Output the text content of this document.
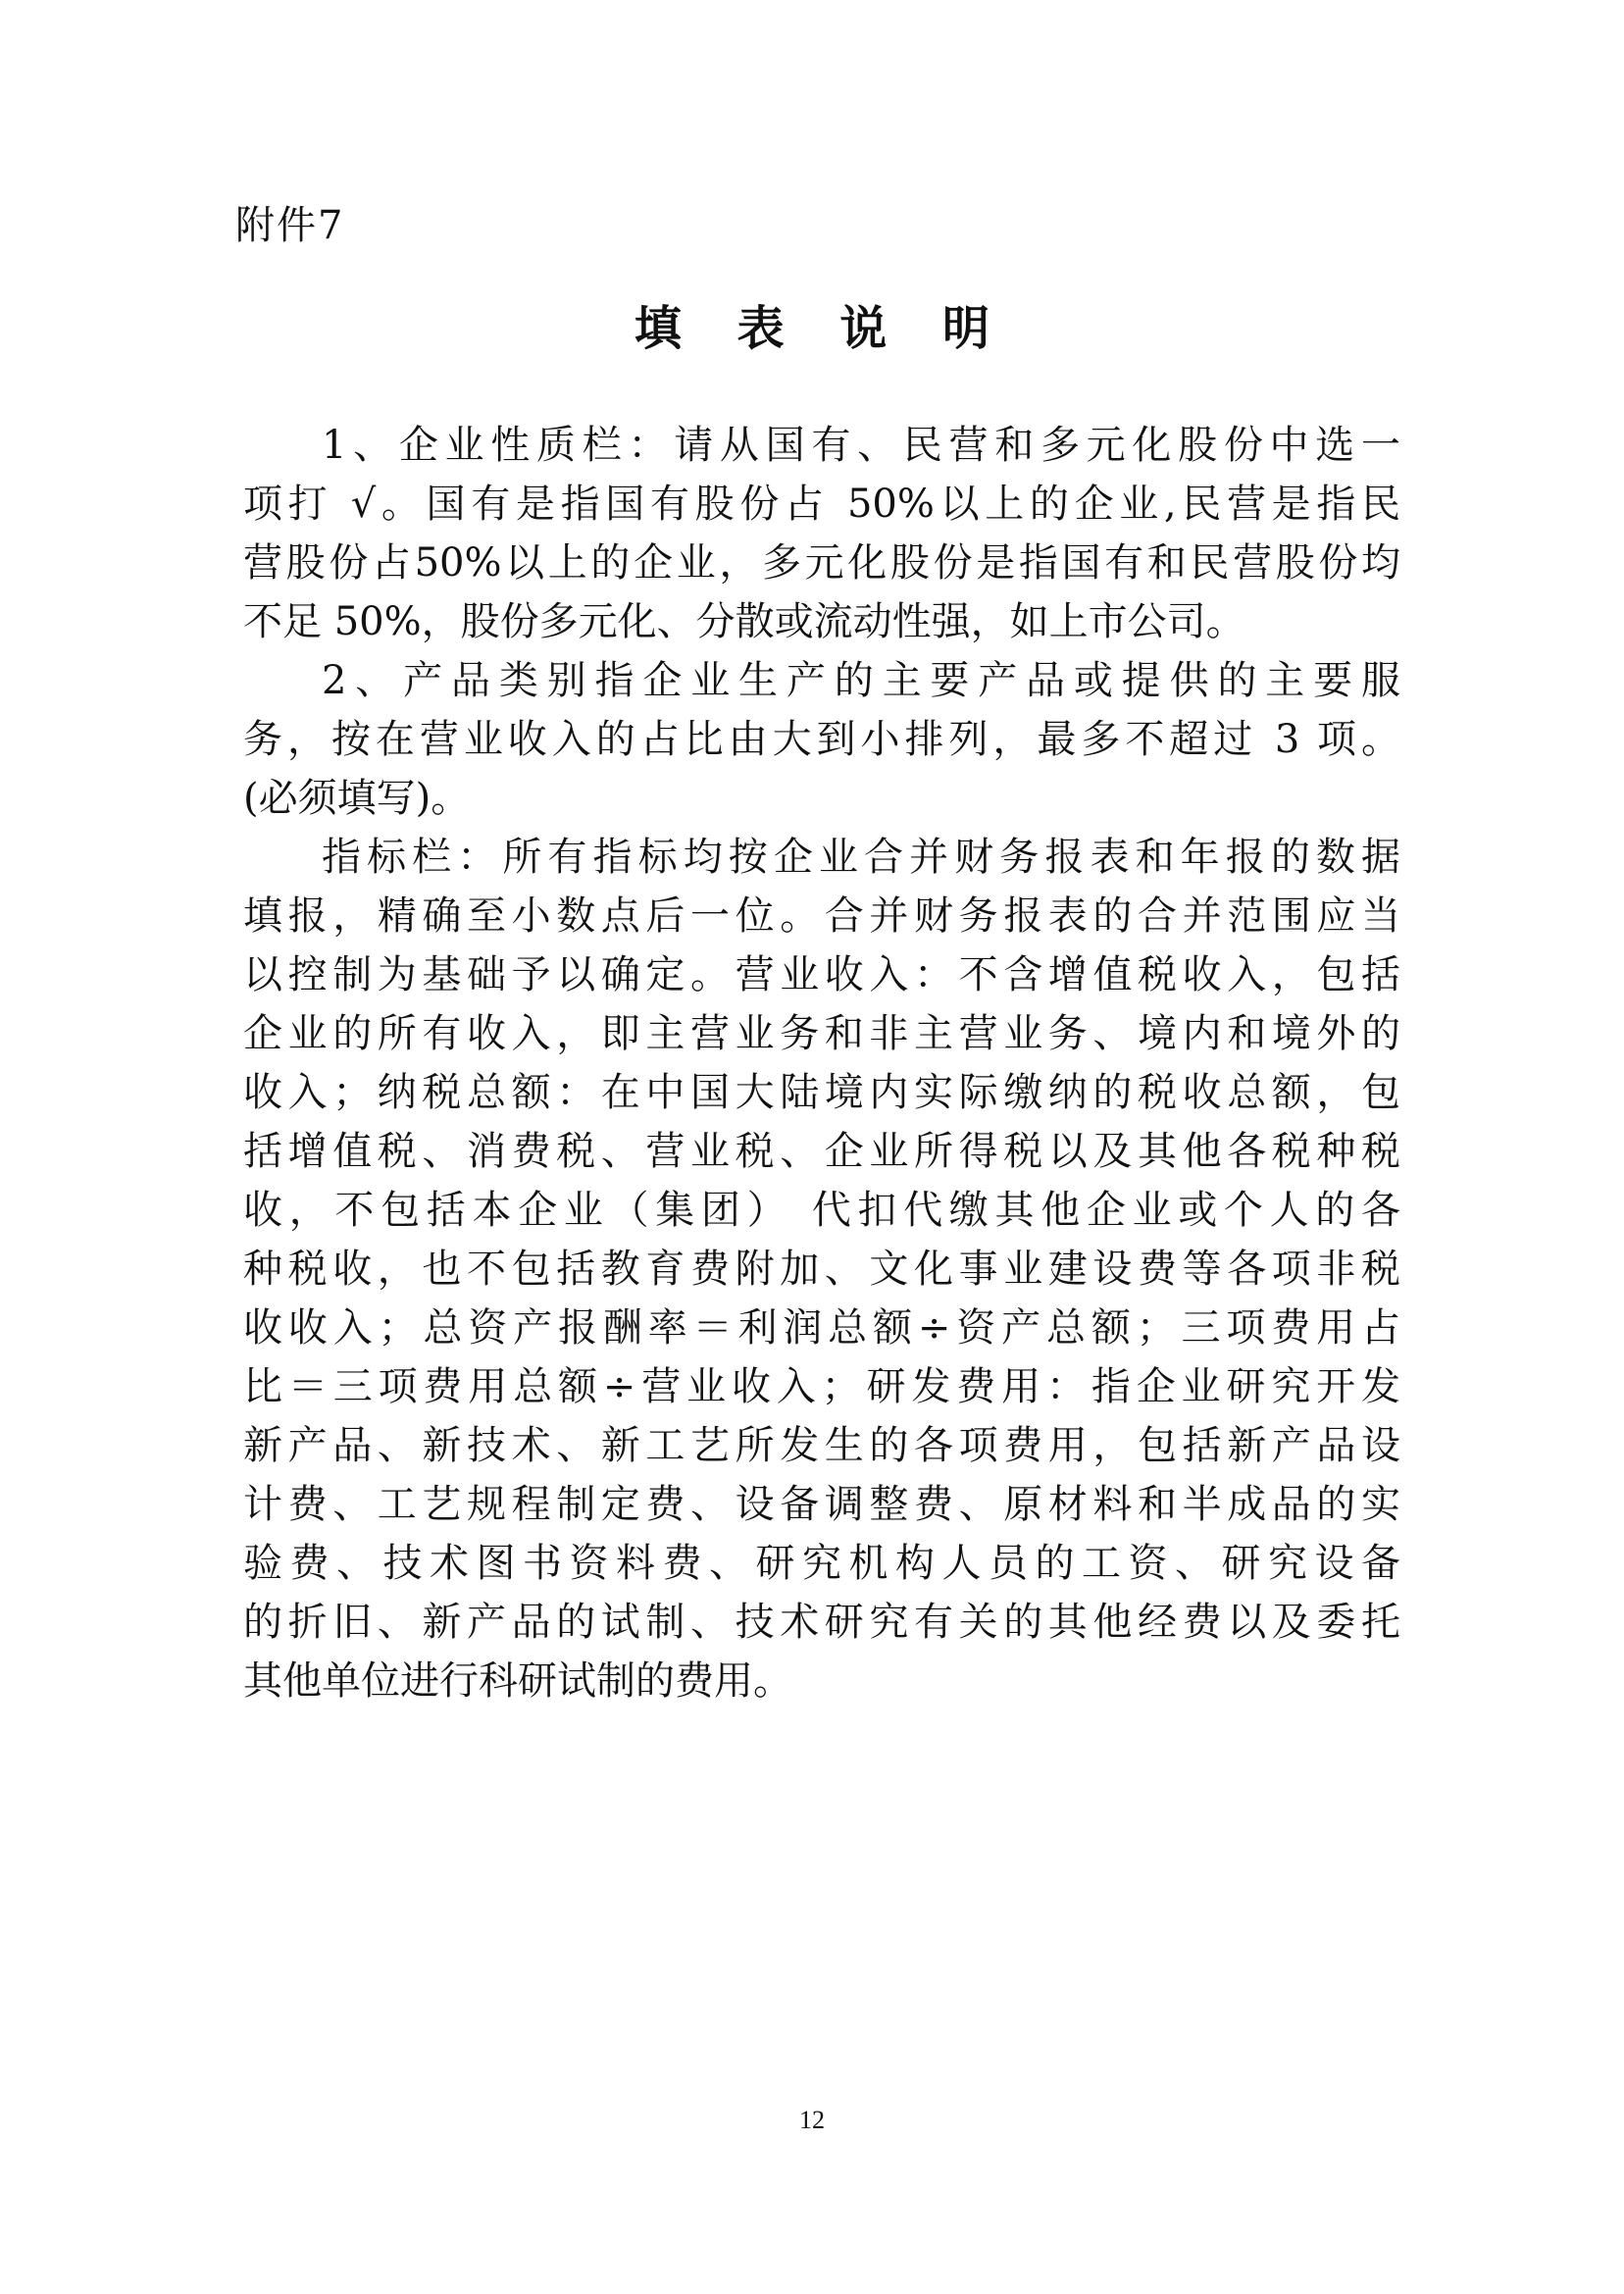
附件7
填 表 说 明
1、企业性质栏：请从国有、民营和多元化股份中选一
项打 √。国有是指国有股份占 50%以上的企业,民营是指民
营股份占50%以上的企业，多元化股份是指国有和民营股份均
不足 50%，股份多元化、分散或流动性强，如上市公司。
2、产品类别指企业生产的主要产品或提供的主要服
务，按在营业收入的占比由大到小排列，最多不超过 3 项。
(必须填写)。
指标栏：所有指标均按企业合并财务报表和年报的数据
填报，精确至小数点后一位。合并财务报表的合并范围应当
以控制为基础予以确定。营业收入：不含增值税收入，包括
企业的所有收入，即主营业务和非主营业务、境内和境外的
收入；纳税总额：在中国大陆境内实际缴纳的税收总额，包
括增值税、消费税、营业税、企业所得税以及其他各税种税
收，不包括本企业（集团） 代扣代缴其他企业或个人的各
种税收，也不包括教育费附加、文化事业建设费等各项非税
收收入；总资产报酬率＝利润总额÷资产总额；三项费用占
比＝三项费用总额÷营业收入；研发费用：指企业研究开发
新产品、新技术、新工艺所发生的各项费用，包括新产品设
计费、工艺规程制定费、设备调整费、原材料和半成品的实
验费、技术图书资料费、研究机构人员的工资、研究设备
的折旧、新产品的试制、技术研究有关的其他经费以及委托
其他单位进行科研试制的费用。
12
